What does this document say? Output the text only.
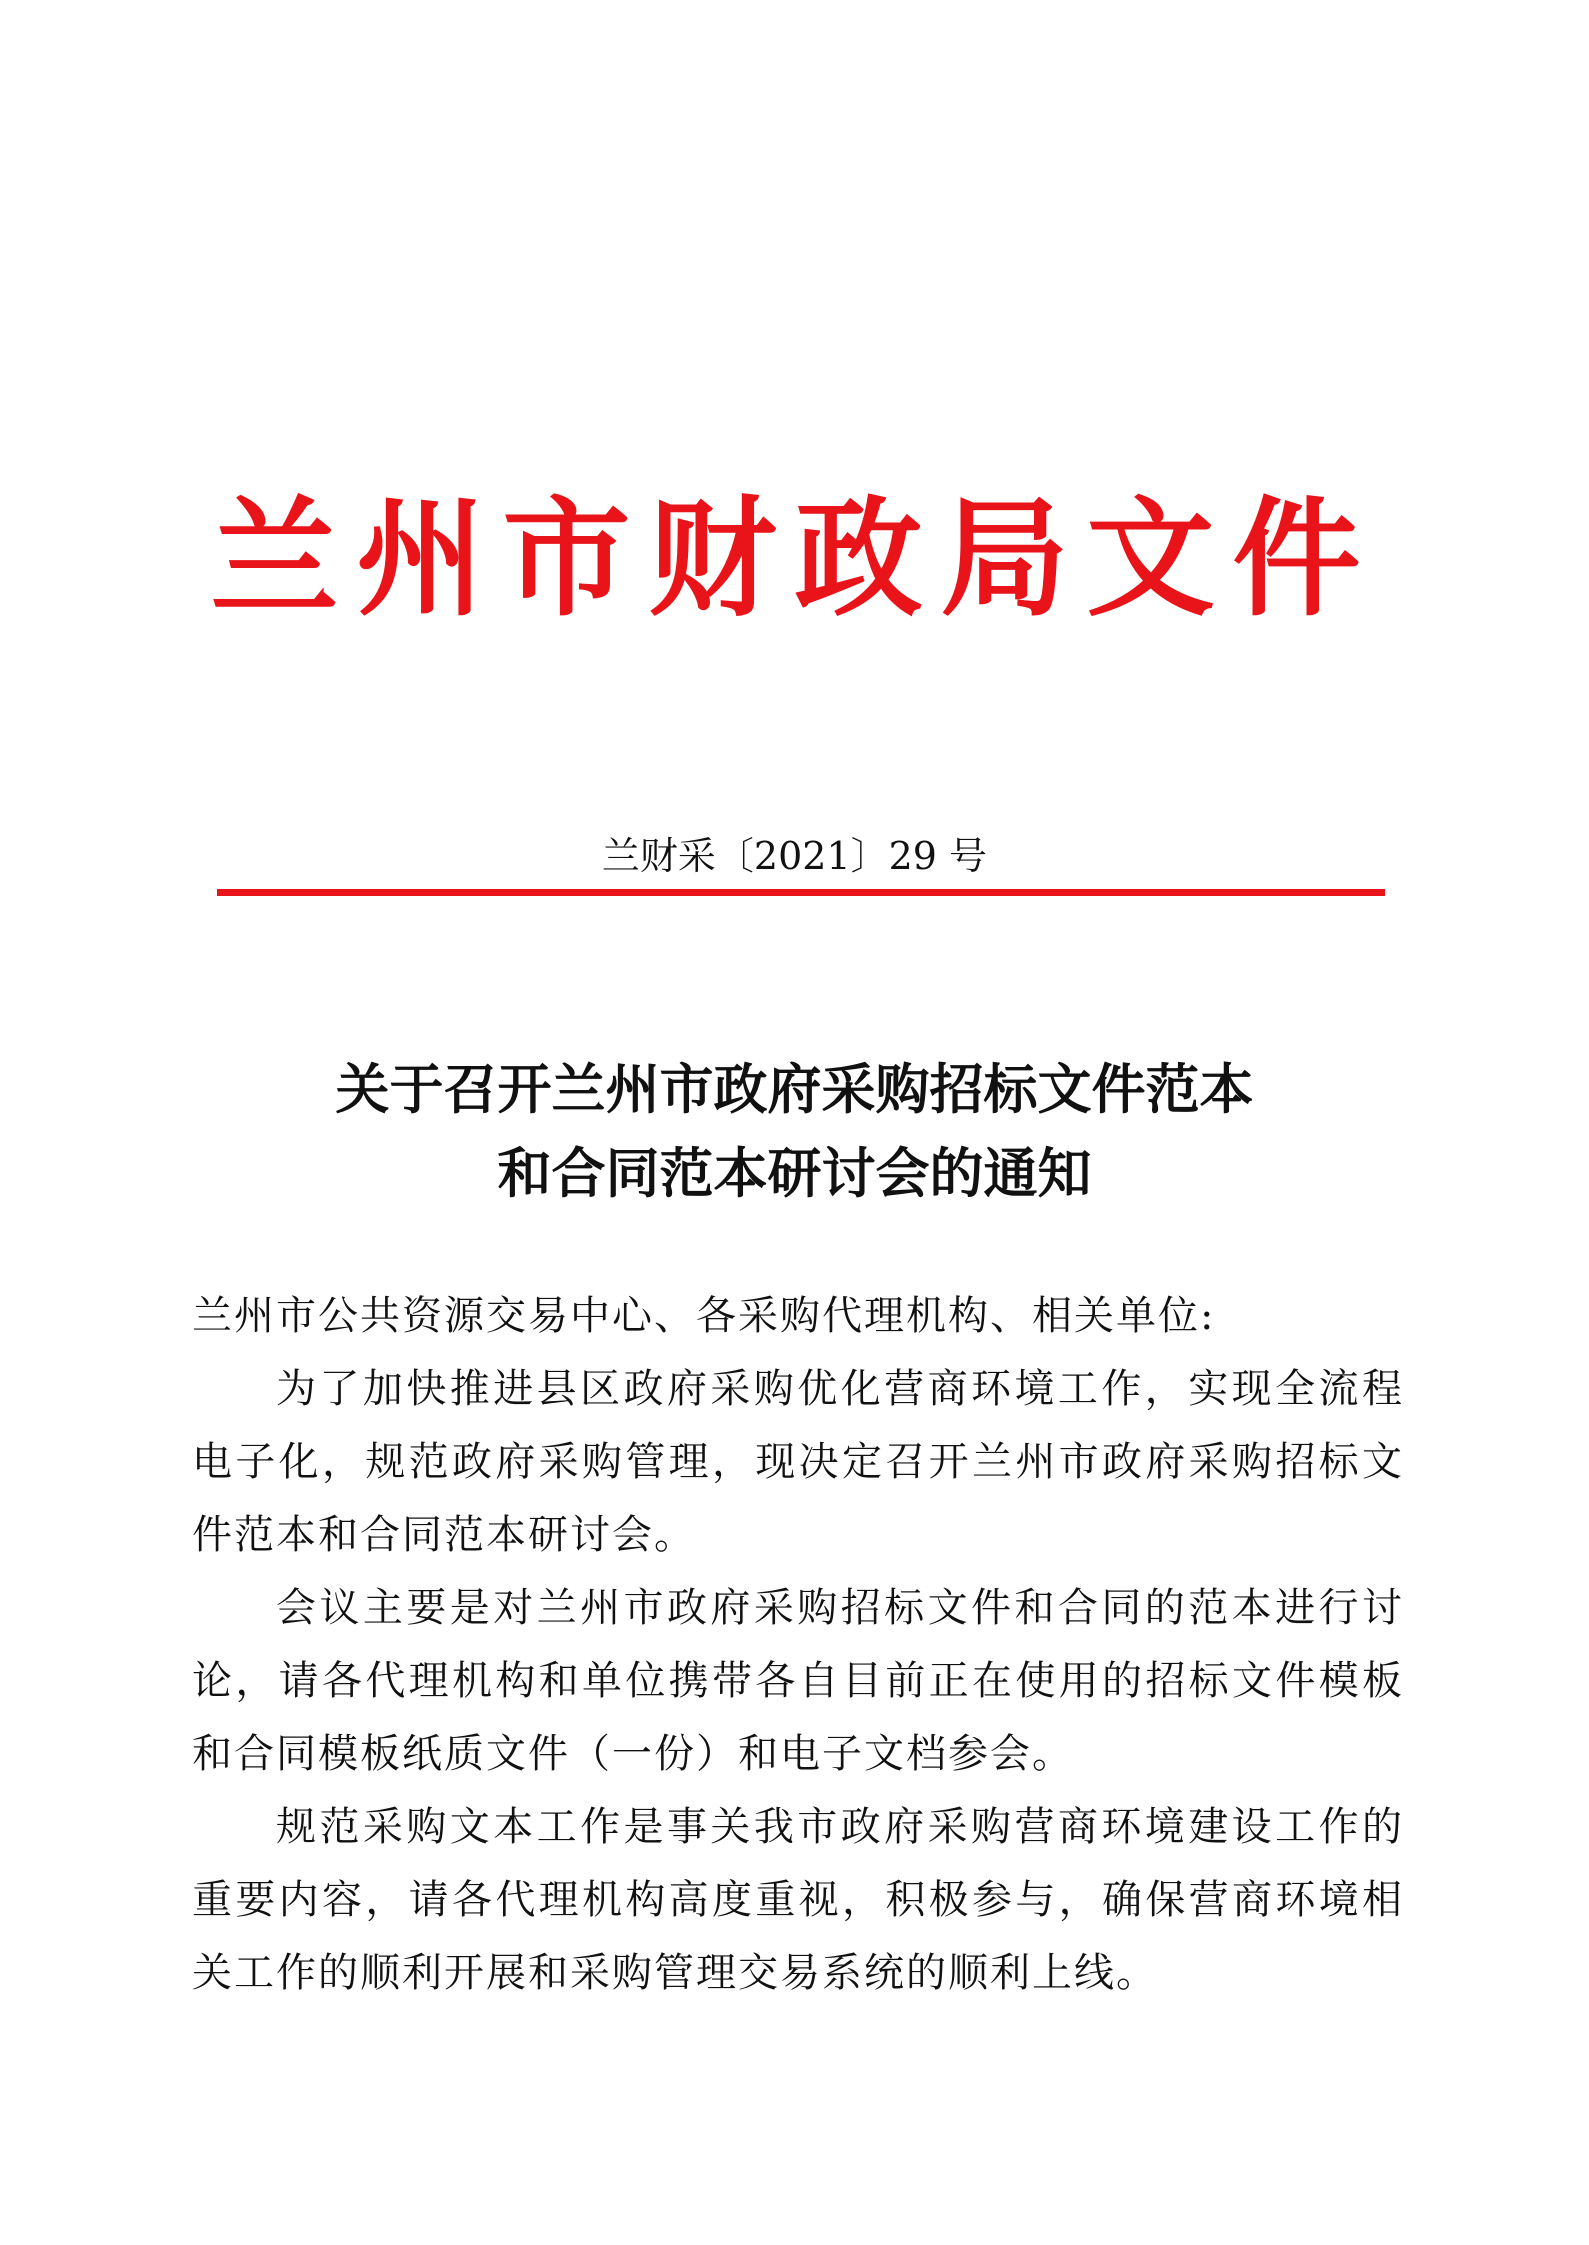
兰州市财政局文件
兰财采〔2021〕29 号
关于召开兰州市政府采购招标文件范本
和合同范本研讨会的通知

兰州市公共资源交易中心、各采购代理机构、相关单位:

为了加快推进县区政府采购优化营商环境工作，实现全流程电子化，规范政府采购管理，现决定召开兰州市政府采购招标文件范本和合同范本研讨会。

会议主要是对兰州市政府采购招标文件和合同的范本进行讨论，请各代理机构和单位携带各自目前正在使用的招标文件模板和合同模板纸质文件（一份）和电子文档参会。

规范采购文本工作是事关我市政府采购营商环境建设工作的重要内容，请各代理机构高度重视，积极参与，确保营商环境相关工作的顺利开展和采购管理交易系统的顺利上线。
